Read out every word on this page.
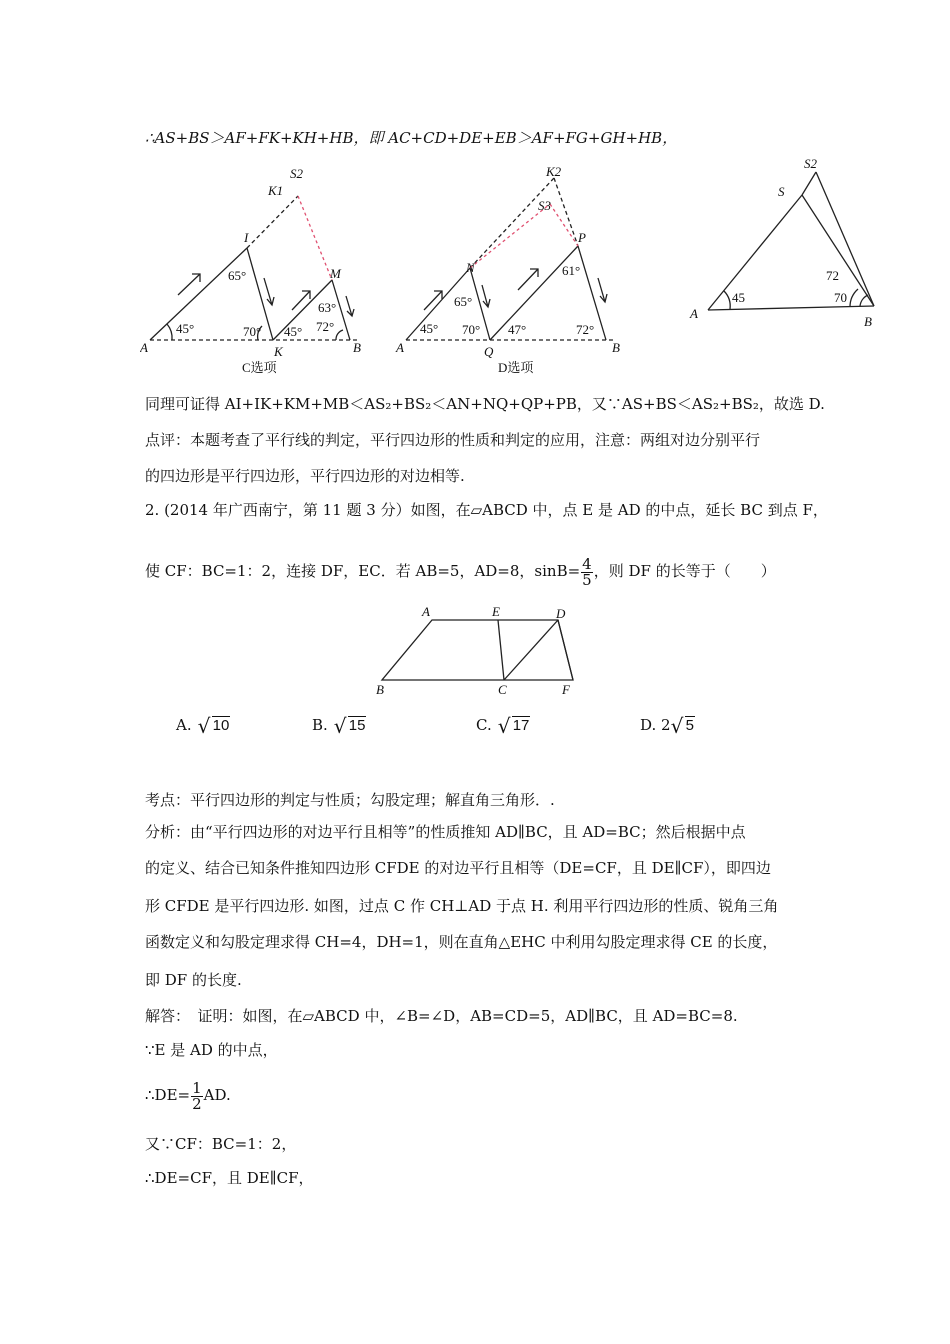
∴AS+BS＞AF+FK+KH+HB，即 AC+CD+DE+EB＞AF+FG+GH+HB，
A
I
K1
S2
M
K	B
45°
65°
70° 45°
63°
72°
C选项
A
N
K2
S3
P
Q	B
45°
65°
70° 47°
61°
72°
D选项
A
S
S2
B
45
72
70
同理可证得 AI+IK+KM+MB＜AS₂+BS₂＜AN+NQ+QP+PB，又∵AS+BS＜AS₂+BS₂，故选 D.
点评：本题考查了平行线的判定，平行四边形的性质和判定的应用，注意：两组对边分别平行
的四边形是平行四边形，平行四边形的对边相等.
2. (2014 年广西南宁，第 11 题 3 分）如图，在▱ABCD 中，点 E 是 AD 的中点，延长 BC 到点 F，
使 CF：BC=1：2，连接 DF，EC．若 AB=5，AD=8，$\sin B= \frac{4}{5}$ ，则 DF 的长等于（　　）
A	E	D
B	C	F
A. √ 10	B. √ 15	C. √ 17	D. 2 √ 5
考点：平行四边形的判定与性质；勾股定理；解直角三角形．.
分析：由“平行四边形的对边平行且相等”的性质推知 AD∥BC，且 AD=BC；然后根据中点
的定义、结合已知条件推知四边形 CFDE 的对边平行且相等（DE=CF，且 DE∥CF），即四边
形 CFDE 是平行四边形. 如图，过点 C 作 CH⊥AD 于点 H. 利用平行四边形的性质、锐角三角
函数定义和勾股定理求得 CH=4，DH=1，则在直角△EHC 中利用勾股定理求得 CE 的长度，
即 DF 的长度.
解答：　证明：如图，在▱ABCD 中，∠B=∠D，AB=CD=5，AD∥BC，且 AD=BC=8.
∵E 是 AD 的中点，
∴DE= $\frac{1}{2}$ AD.
又∵CF：BC=1：2，
∴DE=CF，且 DE∥CF，
